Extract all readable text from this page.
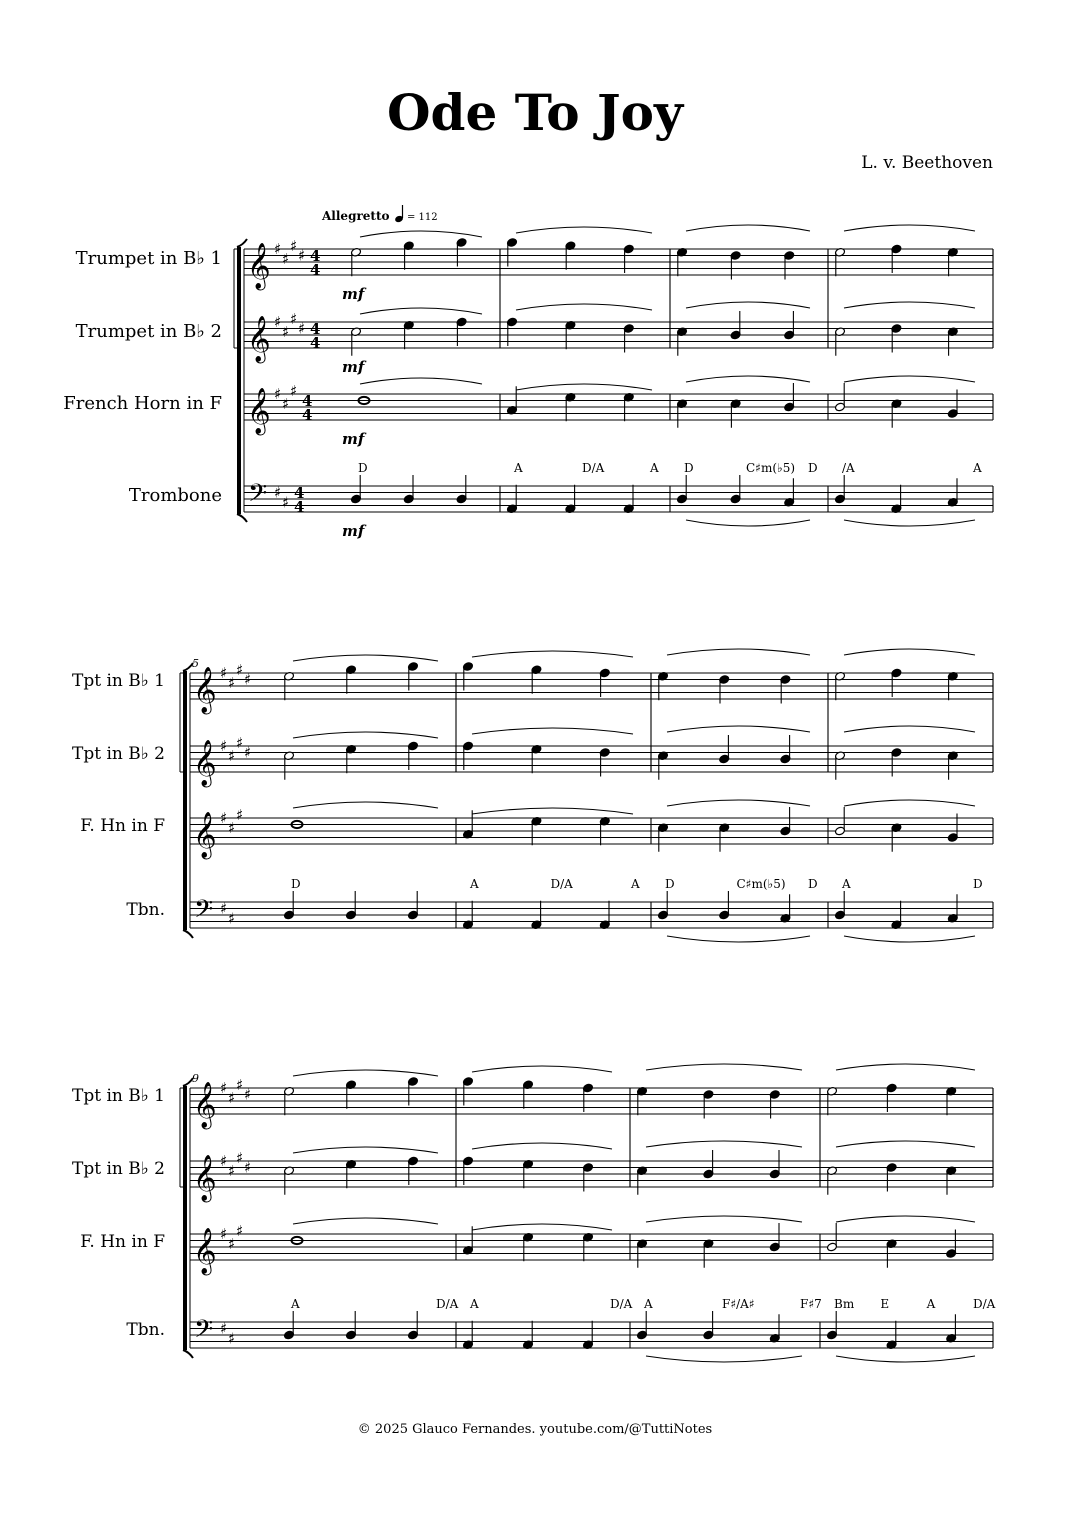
Ode To Joy
L. v. Beethoven
Allegretto = 112
Trumpet in B♭ 1 𝄞 ♯
♯
♯
♯ 4
4
mf
Trumpet in B♭ 2 𝄞 ♯
♯
♯
♯ 4
4
mf
French Horn in F 𝄞 ♯
♯
♯
4
4
mf
Trombone 𝄢 ♯
♯
4
4
mf
D	A	D/A	A D	C♯m(♭5) D /A	A
5
Tpt in B♭ 1 𝄞 ♯
♯
♯
♯
Tpt in B♭ 2 𝄞 ♯
♯
♯
♯
F. Hn in F 𝄞 ♯
♯
♯
Tbn. 𝄢 ♯
♯
D	A	D/A	A D	C♯m(♭5) D A	D
9
Tpt in B♭ 1 𝄞 ♯
♯
♯
♯
Tpt in B♭ 2 𝄞 ♯
♯
♯
♯
F. Hn in F 𝄞 ♯
♯
♯
Tbn. 𝄢 ♯
♯
A	D/A A	D/A A	F♯/A♯	F♯7 Bm E	A	D/A
© 2025 Glauco Fernandes. youtube.com/@TuttiNotes
